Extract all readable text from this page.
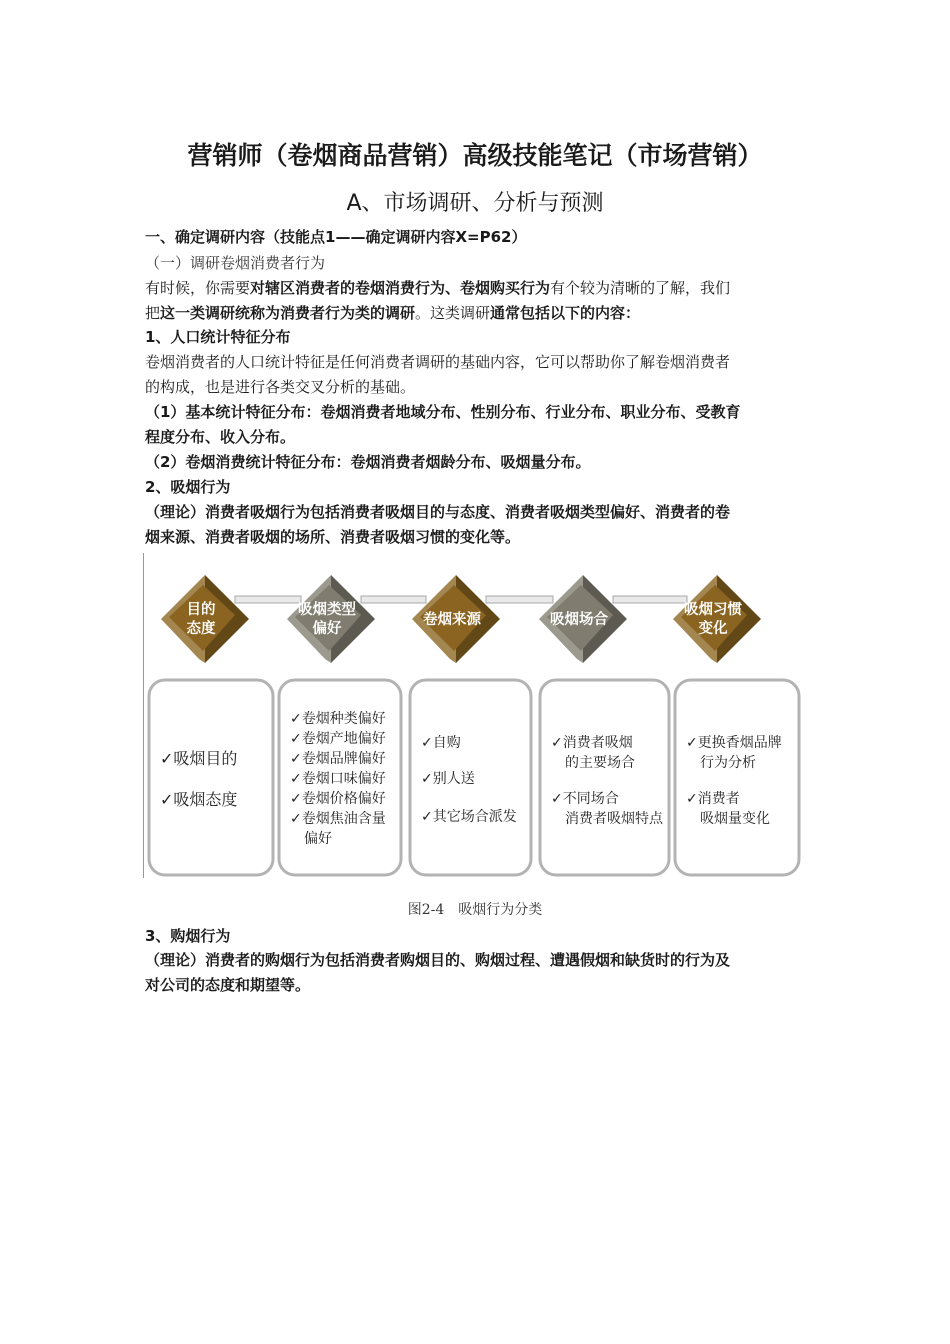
营销师（卷烟商品营销）高级技能笔记（市场营销）
A、市场调研、分析与预测
一、确定调研内容（技能点1——确定调研内容X=P62）
（一）调研卷烟消费者行为
有时候，你需要对辖区消费者的卷烟消费行为、卷烟购买行为有个较为清晰的了解，我们
把这一类调研统称为消费者行为类的调研。这类调研通常包括以下的内容：
1、人口统计特征分布
卷烟消费者的人口统计特征是任何消费者调研的基础内容，它可以帮助你了解卷烟消费者
的构成，也是进行各类交叉分析的基础。
（1）基本统计特征分布：卷烟消费者地域分布、性别分布、行业分布、职业分布、受教育
程度分布、收入分布。
（2）卷烟消费统计特征分布：卷烟消费者烟龄分布、吸烟量分布。
2、吸烟行为
（理论）消费者吸烟行为包括消费者吸烟目的与态度、消费者吸烟类型偏好、消费者的卷
烟来源、消费者吸烟的场所、消费者吸烟习惯的变化等。
目的
态度
吸烟类型
偏好
卷烟来源	吸烟场合
吸烟习惯
变化
✓吸烟目的
✓吸烟态度
✓卷烟种类偏好
✓卷烟产地偏好
✓卷烟品牌偏好
✓卷烟口味偏好
✓卷烟价格偏好
✓卷烟焦油含量
偏好
✓自购
✓别人送
✓其它场合派发
✓消费者吸烟
的主要场合
✓不同场合
消费者吸烟特点
✓更换香烟品牌
行为分析
✓消费者
吸烟量变化
图2-4　吸烟行为分类
3、购烟行为
（理论）消费者的购烟行为包括消费者购烟目的、购烟过程、遭遇假烟和缺货时的行为及
对公司的态度和期望等。
